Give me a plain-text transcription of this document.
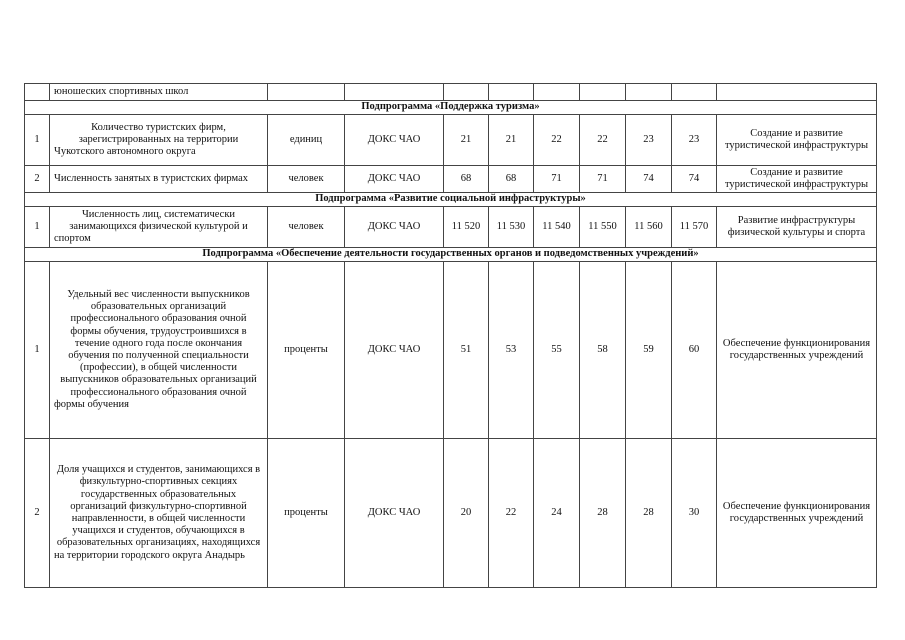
	юношеских спортивных школ									
Подпрограмма «Поддержка туризма»										
1	Количество туристских фирм, зарегистрированных на территории Чукотского автономного округа	единиц	ДОКС ЧАО	21	21	22	22	23	23	Создание и развитие туристической инфраструктуры
2	Численность занятых в туристских фирмах	человек	ДОКС ЧАО	68	68	71	71	74	74	Создание и развитие туристической инфраструктуры
Подпрограмма «Развитие социальной инфраструктуры»										
1	Численность лиц, систематически занимающихся физической культурой и спортом	человек	ДОКС ЧАО	11 520	11 530	11 540	11 550	11 560	11 570	Развитие инфраструктуры физической культуры и спорта
Подпрограмма «Обеспечение деятельности государственных органов и подведомственных учреждений»										
1	Удельный вес численности выпускников образовательных организаций профессионального образования очной формы обучения, трудоустроившихся в течение одного года после окончания обучения по полученной специальности (профессии), в общей численности выпускников образовательных организаций профессионального образования очной формы обучения	проценты	ДОКС ЧАО	51	53	55	58	59	60	Обеспечение функционирования государственных учреждений
2	Доля учащихся и студентов, занимающихся в физкультурно-спортивных секциях государственных образовательных организаций физкультурно-спортивной направленности, в общей численности учащихся и студентов, обучающихся в образовательных организациях, находящихся на территории городского округа Анадырь	проценты	ДОКС ЧАО	20	22	24	28	28	30	Обеспечение функционирования государственных учреждений
